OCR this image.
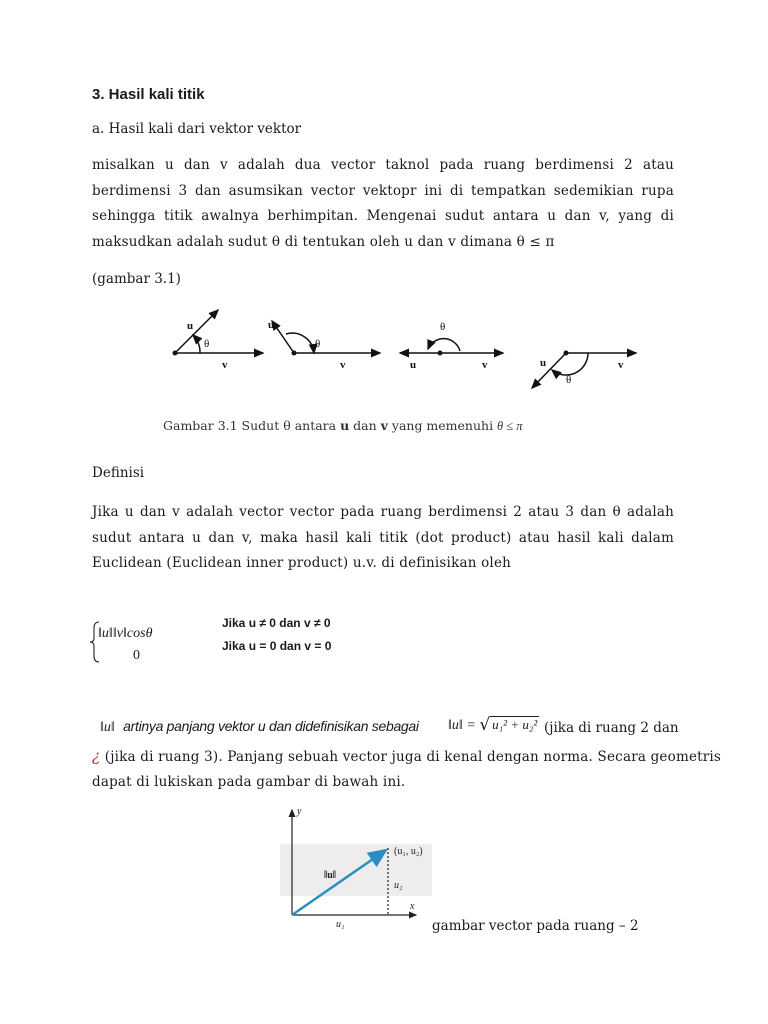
3. Hasil kali titik
a. Hasil kali dari vektor vektor
misalkan u dan v adalah dua vector taknol pada ruang berdimensi 2 atau berdimensi 3 dan asumsikan vector vektopr ini di tempatkan sedemikian rupa sehingga titik awalnya berhimpitan. Mengenai sudut antara u dan v, yang di maksudkan adalah sudut θ di tentukan oleh u dan v dimana θ ≤ π
(gambar 3.1)
u
θ
v
u
θ
v
θ
u	v	u
θ
v
Gambar 3.1 Sudut θ antara u dan v yang memenuhi θ ≤ π
Definisi
Jika u dan v adalah vector vector pada ruang berdimensi 2 atau 3 dan θ adalah sudut antara u dan v, maka hasil kali titik (dot product) atau hasil kali dalam Euclidean (Euclidean inner product) u.v. di definisikan oleh
‖u‖‖v‖cosθ
0
Jika u ≠ 0 dan v ≠ 0
Jika u = 0 dan v = 0
‖u‖ artinya panjang vektor u dan didefinisikan sebagai ‖u‖ = √ u₁² + u₂² (jika di ruang 2 dan
¿ (jika di ruang 3). Panjang sebuah vector juga di kenal dengan norma. Secara geometris
dapat di lukiskan pada gambar di bawah ini.
y
x
(u₁, u₂)
‖u‖
u₂
u₁	gambar vector pada ruang – 2
